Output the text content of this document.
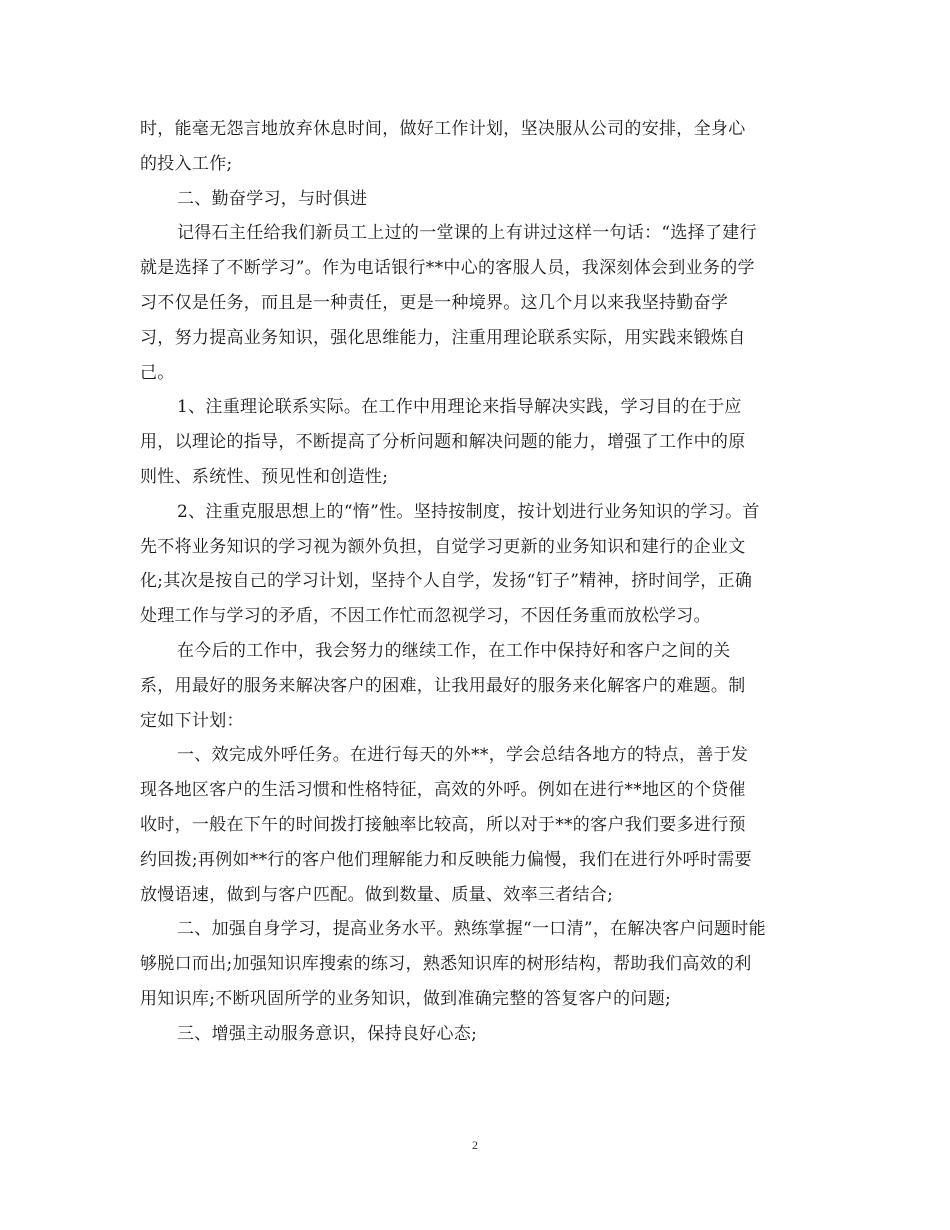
时，能毫无怨言地放弃休息时间，做好工作计划，坚决服从公司的安排，全身心
的投入工作;
二、勤奋学习，与时俱进
记得石主任给我们新员工上过的一堂课的上有讲过这样一句话：“选择了建行
就是选择了不断学习”。作为电话银行**中心的客服人员，我深刻体会到业务的学
习不仅是任务，而且是一种责任，更是一种境界。这几个月以来我坚持勤奋学
习，努力提高业务知识，强化思维能力，注重用理论联系实际，用实践来锻炼自
己。
1、注重理论联系实际。在工作中用理论来指导解决实践，学习目的在于应
用，以理论的指导，不断提高了分析问题和解决问题的能力，增强了工作中的原
则性、系统性、预见性和创造性;
2、注重克服思想上的“惰”性。坚持按制度，按计划进行业务知识的学习。首
先不将业务知识的学习视为额外负担，自觉学习更新的业务知识和建行的企业文
化;其次是按自己的学习计划，坚持个人自学，发扬“钉子”精神，挤时间学，正确
处理工作与学习的矛盾，不因工作忙而忽视学习，不因任务重而放松学习。
在今后的工作中，我会努力的继续工作，在工作中保持好和客户之间的关
系，用最好的服务来解决客户的困难，让我用最好的服务来化解客户的难题。制
定如下计划：
一、效完成外呼任务。在进行每天的外**，学会总结各地方的特点，善于发
现各地区客户的生活习惯和性格特征，高效的外呼。例如在进行**地区的个贷催
收时，一般在下午的时间拨打接触率比较高，所以对于**的客户我们要多进行预
约回拨;再例如**行的客户他们理解能力和反映能力偏慢，我们在进行外呼时需要
放慢语速，做到与客户匹配。做到数量、质量、效率三者结合;
二、加强自身学习，提高业务水平。熟练掌握“一口清”，在解决客户问题时能
够脱口而出;加强知识库搜索的练习，熟悉知识库的树形结构，帮助我们高效的利
用知识库;不断巩固所学的业务知识，做到准确完整的答复客户的问题;
三、增强主动服务意识，保持良好心态;
2
